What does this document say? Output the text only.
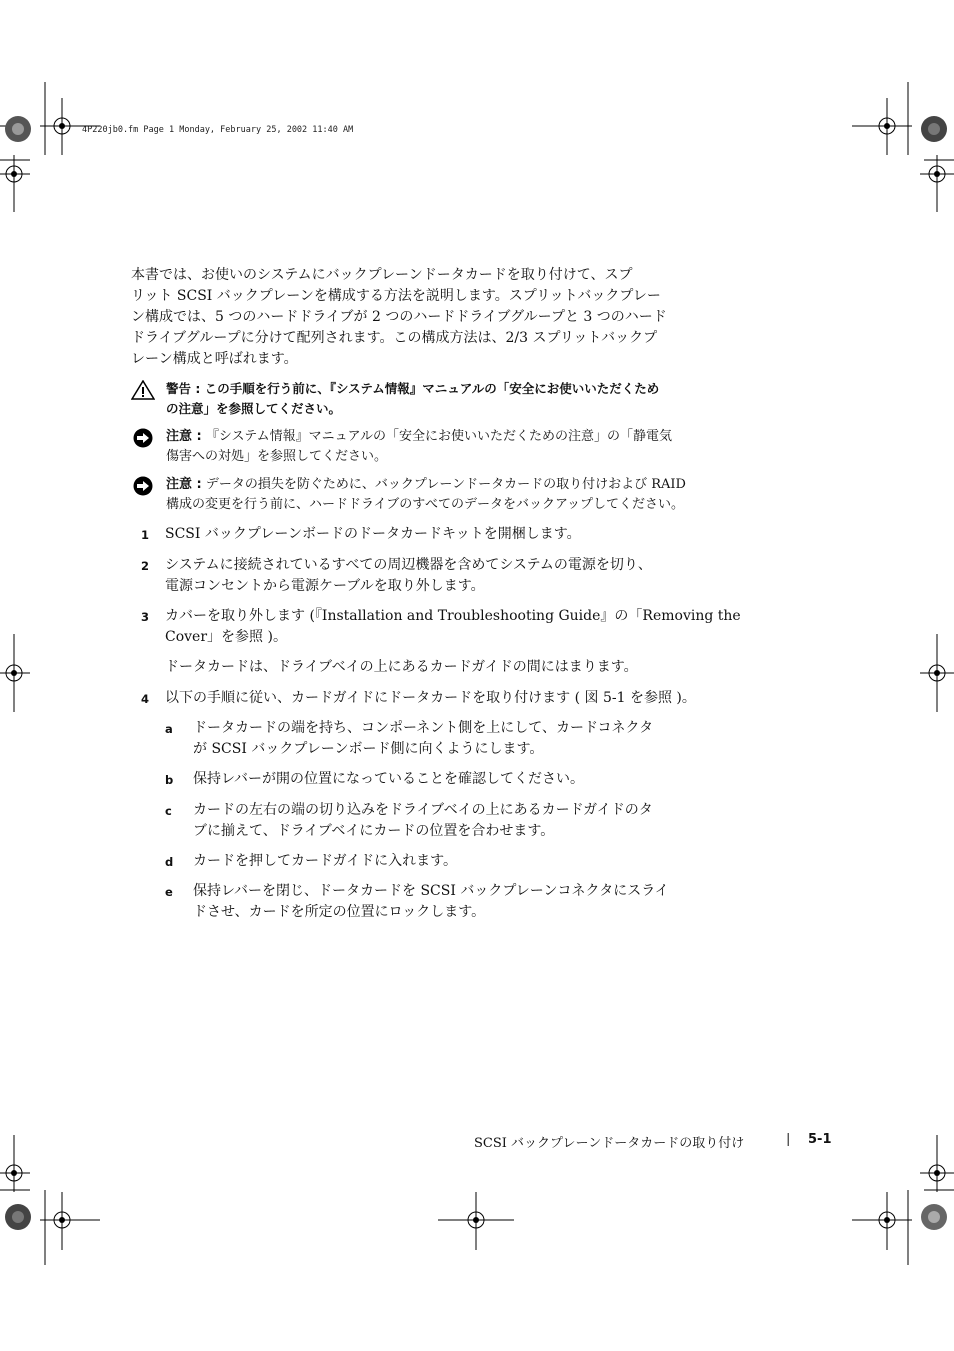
4P220jb0.fm Page 1 Monday, February 25, 2002 11:40 AM
本書では、お使いのシステムにバックプレーンドータカードを取り付けて、スプ
リット SCSI バックプレーンを構成する方法を説明します。スプリットバックプレー
ン構成では、5 つのハードドライブが 2 つのハードドライブグループと 3 つのハード
ドライブグループに分けて配列されます。この構成方法は、2/3 スプリットバックプ
レーン構成と呼ばれます。
警告 : この手順を行う前に、『システム情報』マニュアルの「安全にお使いいただくため
の注意」を参照してください。
注意 : 『システム情報』マニュアルの「安全にお使いいただくための注意」の「静電気
傷害への対処」を参照してください。
注意 : データの損失を防ぐために、バックプレーンドータカードの取り付けおよび RAID
構成の変更を行う前に、ハードドライブのすべてのデータをバックアップしてください。
1 SCSI バックプレーンボードのドータカードキットを開梱します。
2 システムに接続されているすべての周辺機器を含めてシステムの電源を切り、
電源コンセントから電源ケーブルを取り外します。
3 カバーを取り外します (『Installation and Troubleshooting Guide』の「Removing the
Cover」を参照 )。
ドータカードは、ドライブベイの上にあるカードガイドの間にはまります。
4 以下の手順に従い、カードガイドにドータカードを取り付けます ( 図 5-1 を参照 )。
a ドータカードの端を持ち、コンポーネント側を上にして、カードコネクタ
が SCSI バックプレーンボード側に向くようにします。
b 保持レバーが開の位置になっていることを確認してください。
c カードの左右の端の切り込みをドライブベイの上にあるカードガイドのタ
ブに揃えて、ドライブベイにカードの位置を合わせます。
d カードを押してカードガイドに入れます。
e 保持レバーを閉じ、ドータカードを SCSI バックプレーンコネクタにスライ
ドさせ、カードを所定の位置にロックします。
SCSI バックプレーンドータカードの取り付け	| 5-1
